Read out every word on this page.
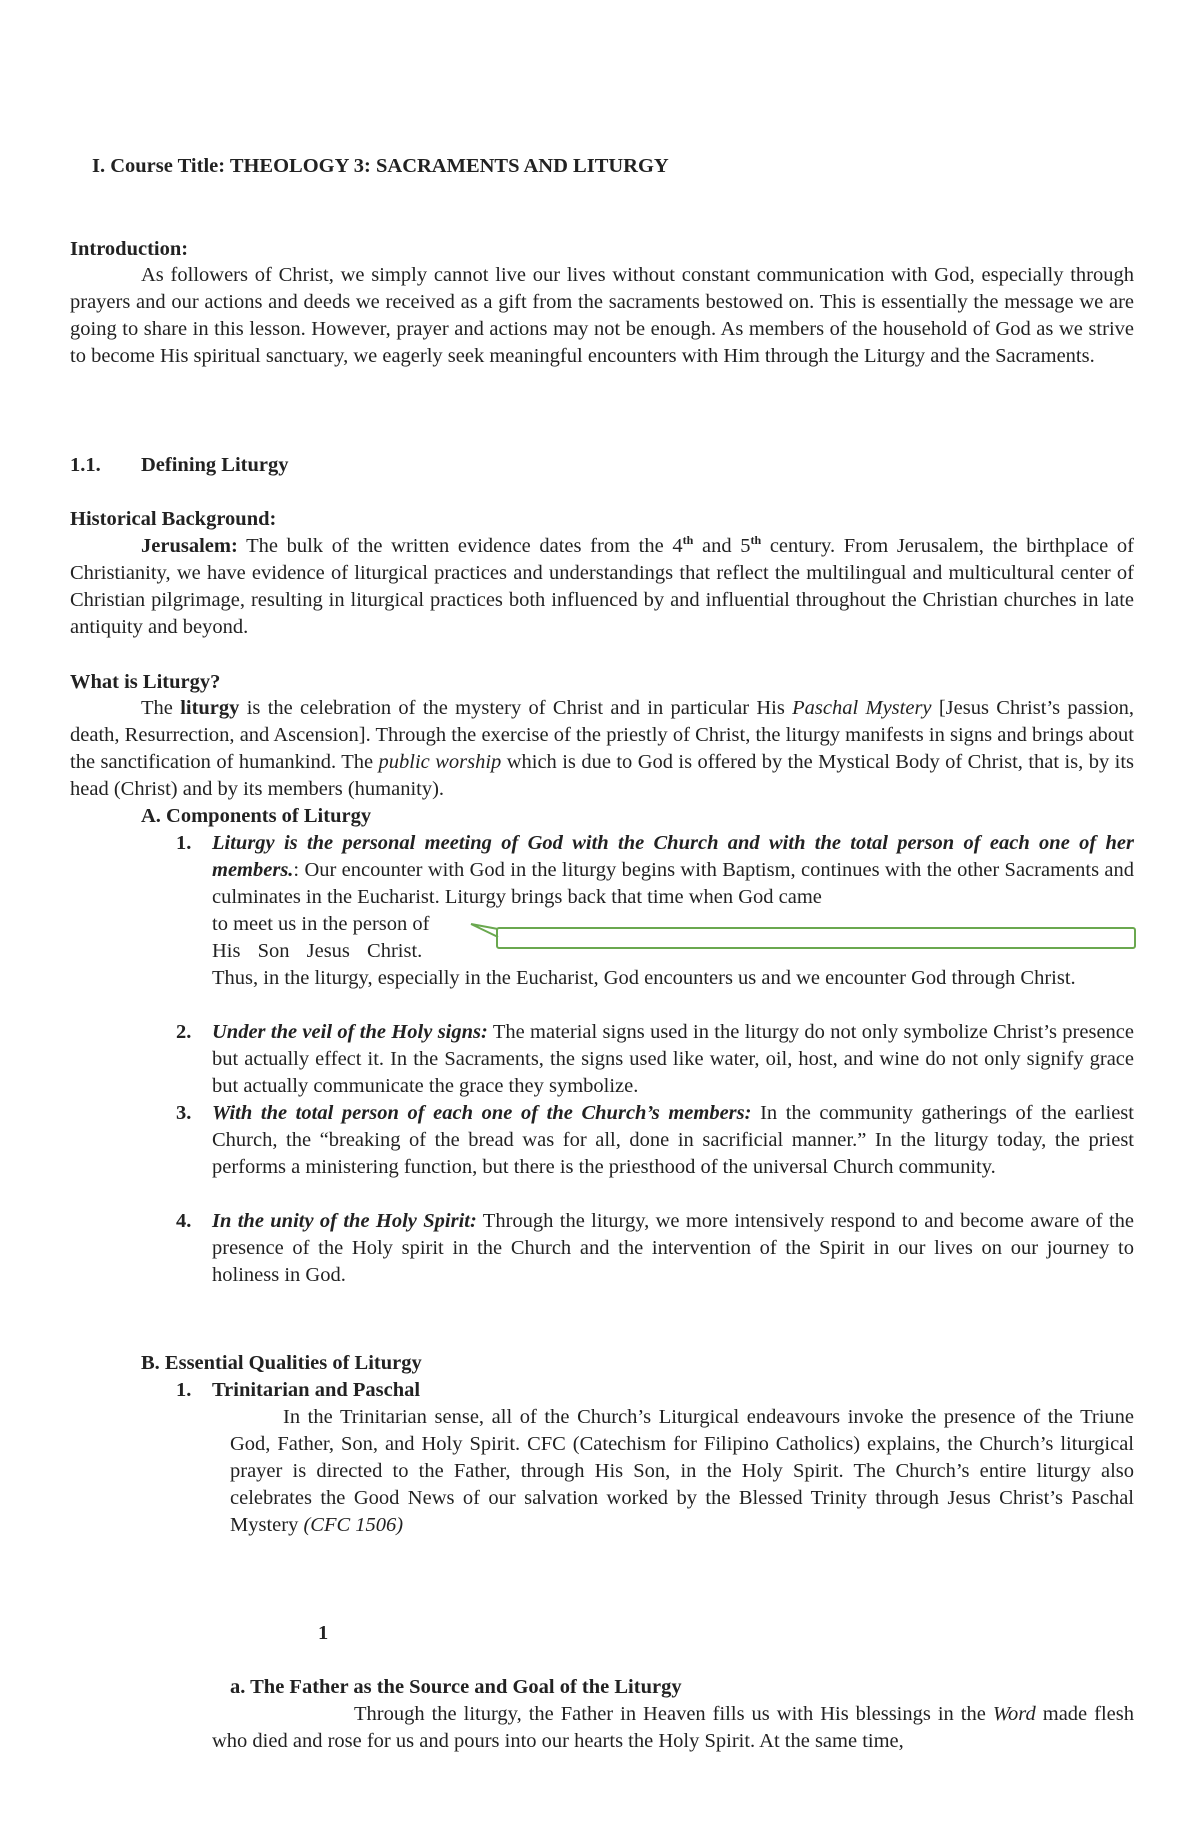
I. Course Title: THEOLOGY 3: SACRAMENTS AND LITURGY
Introduction:
As followers of Christ, we simply cannot live our lives without constant communication with God, especially through prayers and our actions and deeds we received as a gift from the sacraments bestowed on. This is essentially the message we are going to share in this lesson. However, prayer and actions may not be enough. As members of the household of God as we strive to become His spiritual sanctuary, we eagerly seek meaningful encounters with Him through the Liturgy and the Sacraments.
1.1. Defining Liturgy
Historical Background:
Jerusalem: The bulk of the written evidence dates from the 4th and 5th century. From Jerusalem, the birthplace of Christianity, we have evidence of liturgical practices and understandings that reflect the multilingual and multicultural center of Christian pilgrimage, resulting in liturgical practices both influenced by and influential throughout the Christian churches in late antiquity and beyond.
What is Liturgy?
The liturgy is the celebration of the mystery of Christ and in particular His Paschal Mystery [Jesus Christ’s passion, death, Resurrection, and Ascension]. Through the exercise of the priestly of Christ, the liturgy manifests in signs and brings about the sanctification of humankind. The public worship which is due to God is offered by the Mystical Body of Christ, that is, by its head (Christ) and by its members (humanity).
A. Components of Liturgy
1. Liturgy is the personal meeting of God with the Church and with the total person of each one of her members.: Our encounter with God in the liturgy begins with Baptism, continues with the other Sacraments and culminates in the Eucharist. Liturgy brings back that time when God came
to meet us in the person of
His Son Jesus Christ.
Thus, in the liturgy, especially in the Eucharist, God encounters us and we encounter God through Christ.
2. Under the veil of the Holy signs: The material signs used in the liturgy do not only symbolize Christ’s presence but actually effect it. In the Sacraments, the signs used like water, oil, host, and wine do not only signify grace but actually communicate the grace they symbolize.
3. With the total person of each one of the Church’s members: In the community gatherings of the earliest Church, the “breaking of the bread was for all, done in sacrificial manner.” In the liturgy today, the priest performs a ministering function, but there is the priesthood of the universal Church community.
4. In the unity of the Holy Spirit: Through the liturgy, we more intensively respond to and become aware of the presence of the Holy spirit in the Church and the intervention of the Spirit in our lives on our journey to holiness in God.
B. Essential Qualities of Liturgy
1. Trinitarian and Paschal
In the Trinitarian sense, all of the Church’s Liturgical endeavours invoke the presence of the Triune God, Father, Son, and Holy Spirit. CFC (Catechism for Filipino Catholics) explains, the Church’s liturgical prayer is directed to the Father, through His Son, in the Holy Spirit. The Church’s entire liturgy also celebrates the Good News of our salvation worked by the Blessed Trinity through Jesus Christ’s Paschal Mystery (CFC 1506)
1
a. The Father as the Source and Goal of the Liturgy
Through the liturgy, the Father in Heaven fills us with His blessings in the Word made flesh who died and rose for us and pours into our hearts the Holy Spirit. At the same time,
